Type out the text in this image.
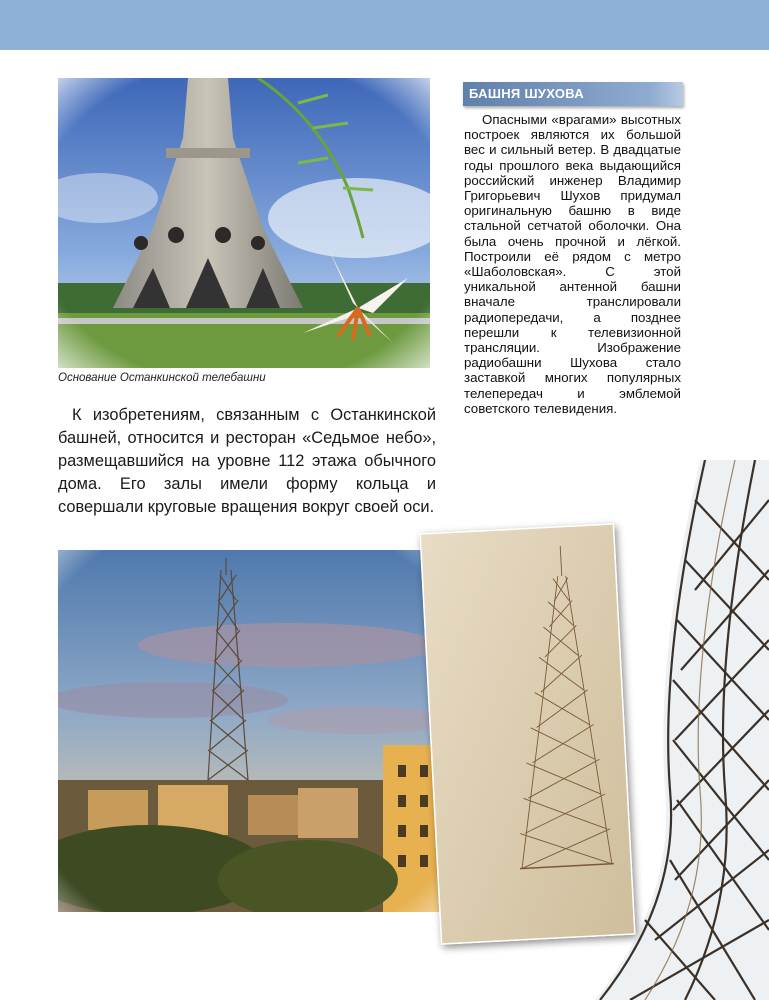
Основание Останкинской телебашни

К изобретениям, связанным с Останкинской башней, относится и ресторан «Седьмое небо», размещавшийся на уровне 112 этажа обычного дома. Его залы имели форму кольца и совершали круговые вращения вокруг своей оси.

БАШНЯ ШУХОВА

Опасными «врагами» высотных построек являются их большой вес и сильный ветер. В двадцатые годы прошлого века выдающийся российский инженер Владимир Григорьевич Шухов придумал оригинальную башню в виде стальной сетчатой оболочки. Она была очень прочной и лёгкой. Построили её рядом с метро «Шаболовская». С этой уникальной антенной башни вначале транслировали радиопередачи, а позднее перешли к телевизионной трансляции. Изображение радиобашни Шухова стало заставкой многих популярных телепередач и эмблемой советского телевидения.
